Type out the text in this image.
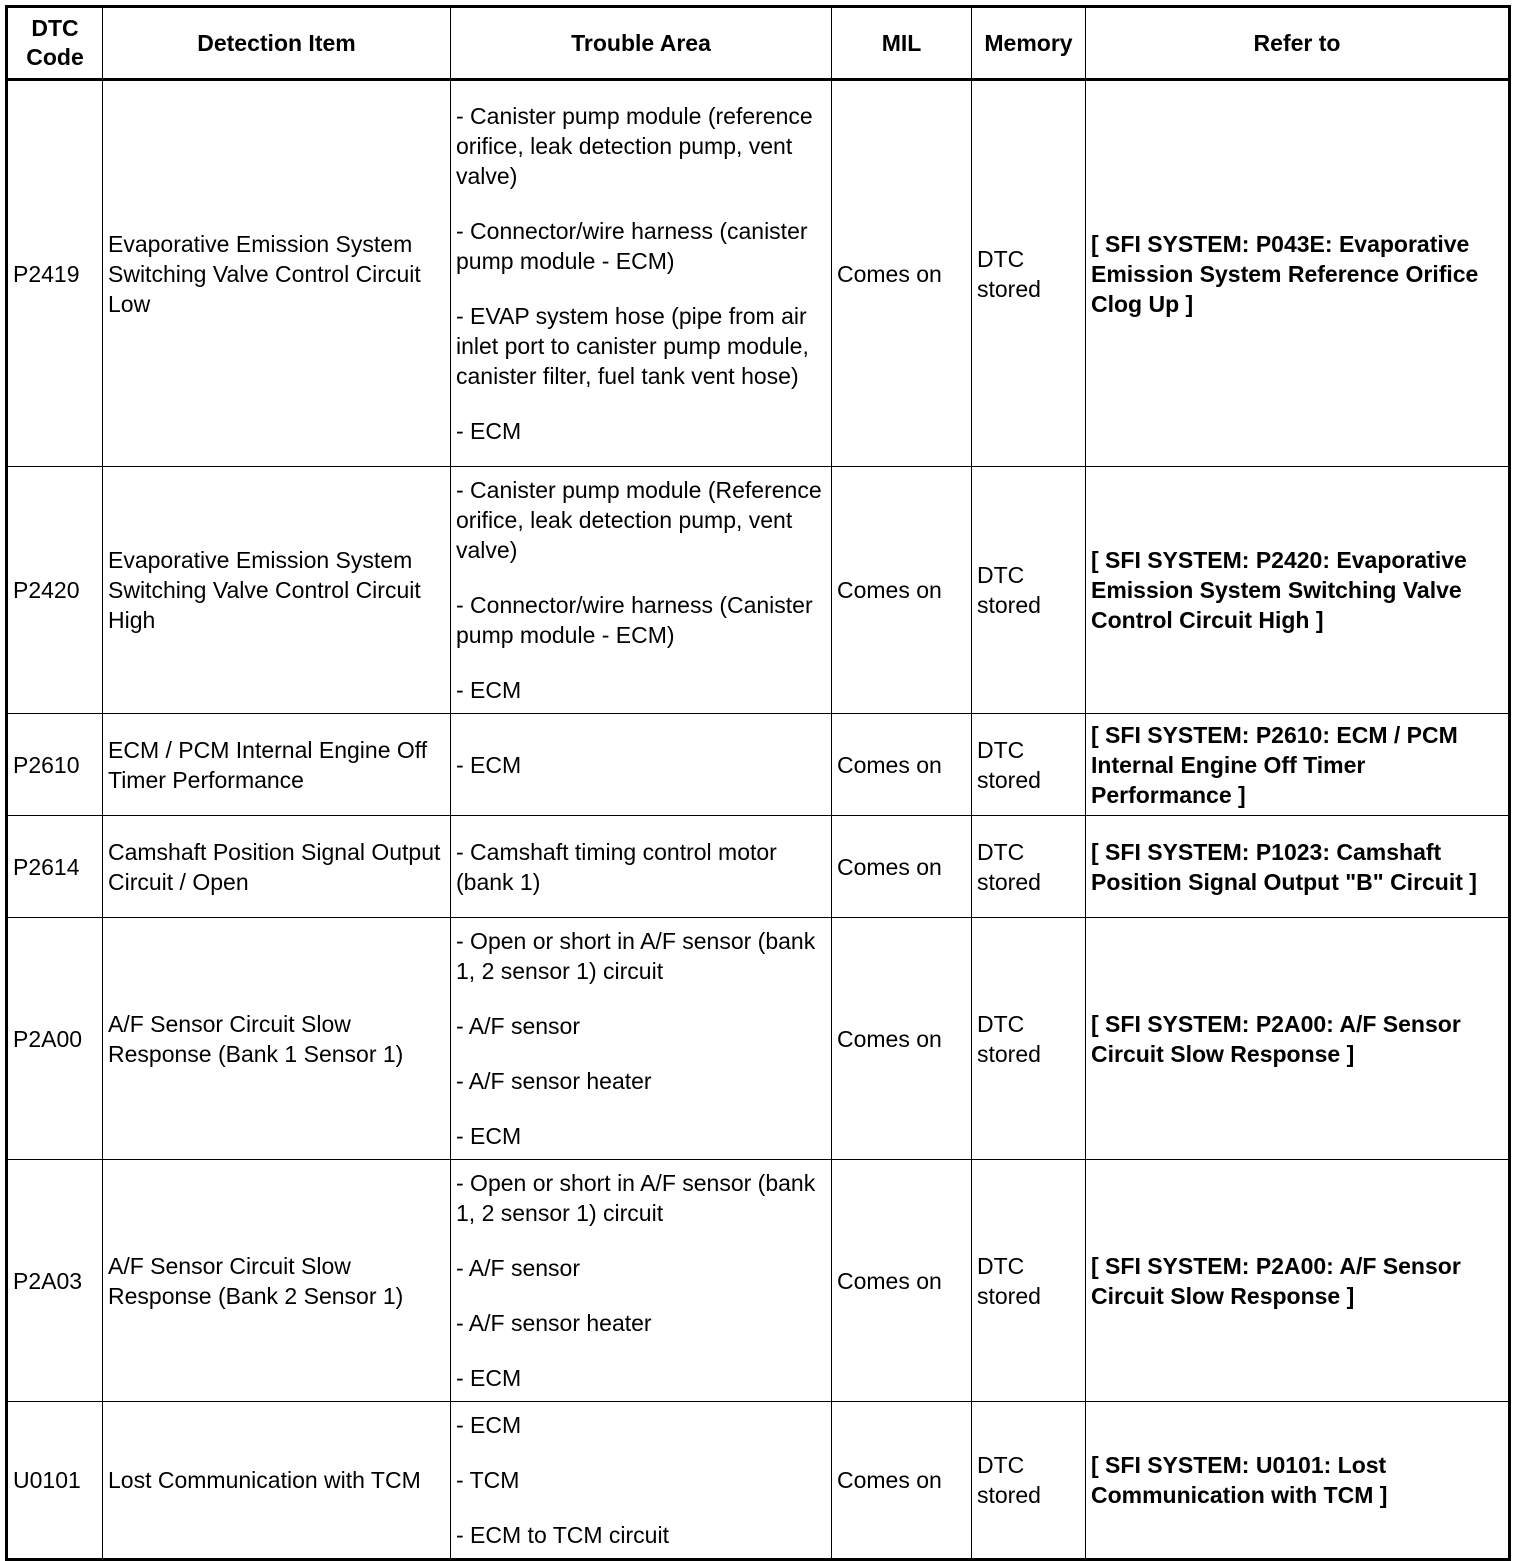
DTC Code	Detection Item	Trouble Area	MIL	Memory	Refer to
P2419	Evaporative Emission System Switching Valve Control Circuit Low	- Canister pump module (reference orifice, leak detection pump, vent valve)
- Connector/wire harness (canister pump module - ECM)
- EVAP system hose (pipe from air inlet port to canister pump module, canister filter, fuel tank vent hose)
- ECM	Comes on	DTC stored	[ SFI SYSTEM: P043E: Evaporative Emission System Reference Orifice Clog Up ]
P2420	Evaporative Emission System Switching Valve Control Circuit High	- Canister pump module (Reference orifice, leak detection pump, vent valve)
- Connector/wire harness (Canister pump module - ECM)
- ECM	Comes on	DTC stored	[ SFI SYSTEM: P2420: Evaporative Emission System Switching Valve Control Circuit High ]
P2610	ECM / PCM Internal Engine Off Timer Performance	- ECM	Comes on	DTC stored	[ SFI SYSTEM: P2610: ECM / PCM Internal Engine Off Timer Performance ]
P2614	Camshaft Position Signal Output Circuit / Open	- Camshaft timing control motor (bank 1)	Comes on	DTC stored	[ SFI SYSTEM: P1023: Camshaft Position Signal Output "B" Circuit ]
P2A00	A/F Sensor Circuit Slow Response (Bank 1 Sensor 1)	- Open or short in A/F sensor (bank 1, 2 sensor 1) circuit
- A/F sensor
- A/F sensor heater
- ECM	Comes on	DTC stored	[ SFI SYSTEM: P2A00: A/F Sensor Circuit Slow Response ]
P2A03	A/F Sensor Circuit Slow Response (Bank 2 Sensor 1)	- Open or short in A/F sensor (bank 1, 2 sensor 1) circuit
- A/F sensor
- A/F sensor heater
- ECM	Comes on	DTC stored	[ SFI SYSTEM: P2A00: A/F Sensor Circuit Slow Response ]
U0101	Lost Communication with TCM	- ECM
- TCM
- ECM to TCM circuit	Comes on	DTC stored	[ SFI SYSTEM: U0101: Lost Communication with TCM ]
